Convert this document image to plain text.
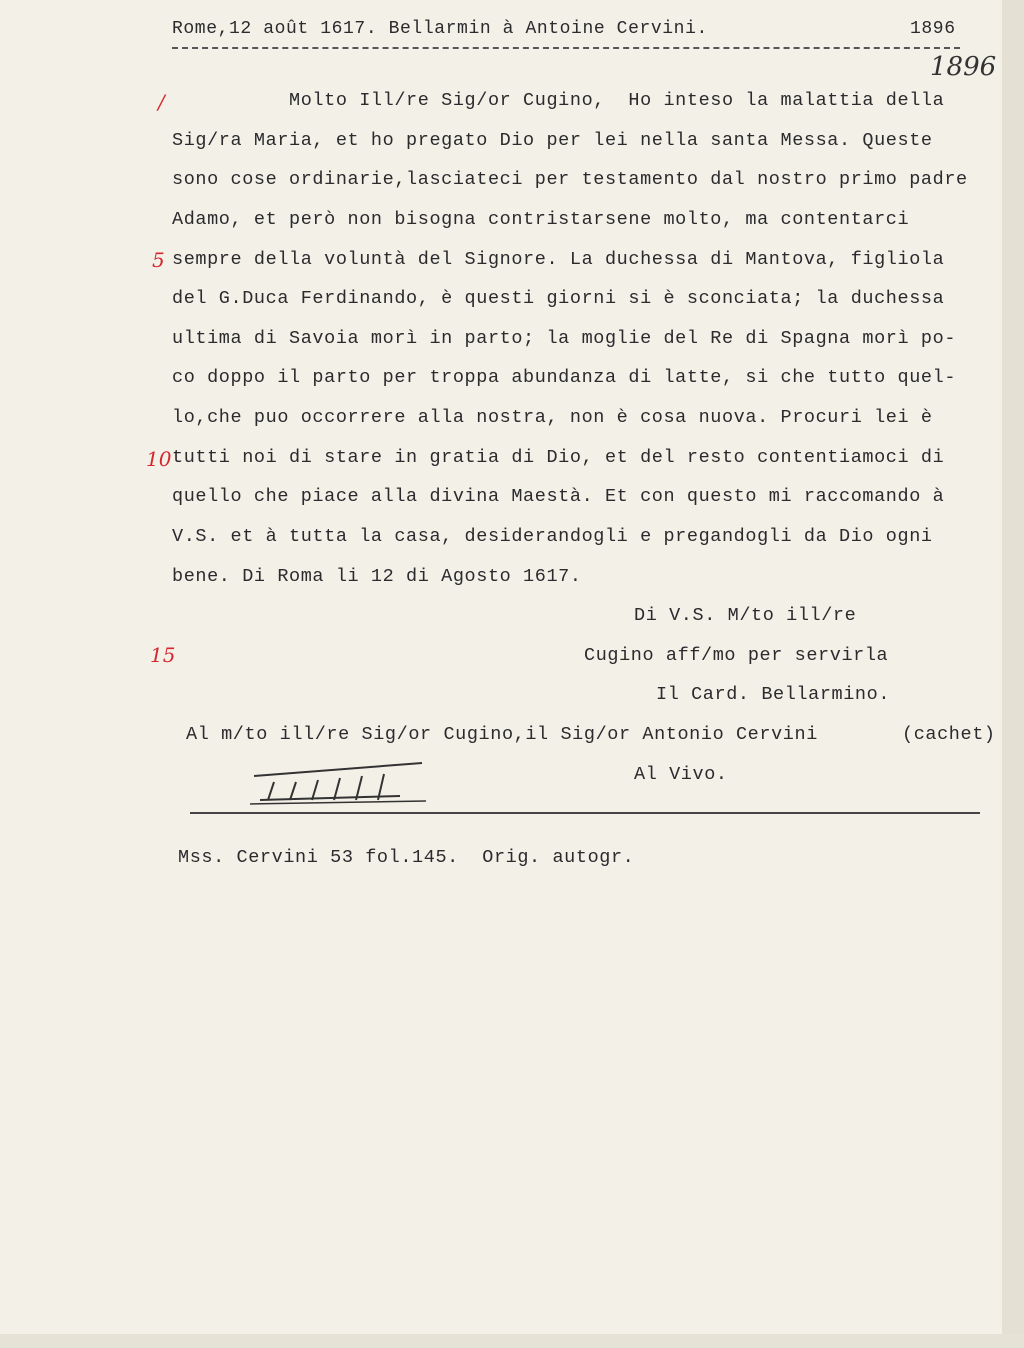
Rome,12 août 1617. Bellarmin à Antoine Cervini.	1896
1896
/
5
10
15
Molto Ill/re Sig/or Cugino,  Ho inteso la malattia della
Sig/ra Maria, et ho pregato Dio per lei nella santa Messa. Queste
sono cose ordinarie,lasciateci per testamento dal nostro primo padre
Adamo, et però non bisogna contristarsene molto, ma contentarci
sempre della voluntà del Signore. La duchessa di Mantova, figliola
del G.Duca Ferdinando, è questi giorni si è sconciata; la duchessa
ultima di Savoia morì in parto; la moglie del Re di Spagna morì po-
co doppo il parto per troppa abundanza di latte, si che tutto quel-
lo,che puo occorrere alla nostra, non è cosa nuova. Procuri lei è
tutti noi di stare in gratia di Dio, et del resto contentiamoci di
quello che piace alla divina Maestà. Et con questo mi raccomando à
V.S. et à tutta la casa, desiderandogli e pregandogli da Dio ogni
bene. Di Roma li 12 di Agosto 1617.
Di V.S. M/to ill/re
Cugino aff/mo per servirla
Il Card. Bellarmino.
Al m/to ill/re Sig/or Cugino,il Sig/or Antonio Cervini	(cachet)
Al Vivo.
Mss. Cervini 53 fol.145.  Orig. autogr.
